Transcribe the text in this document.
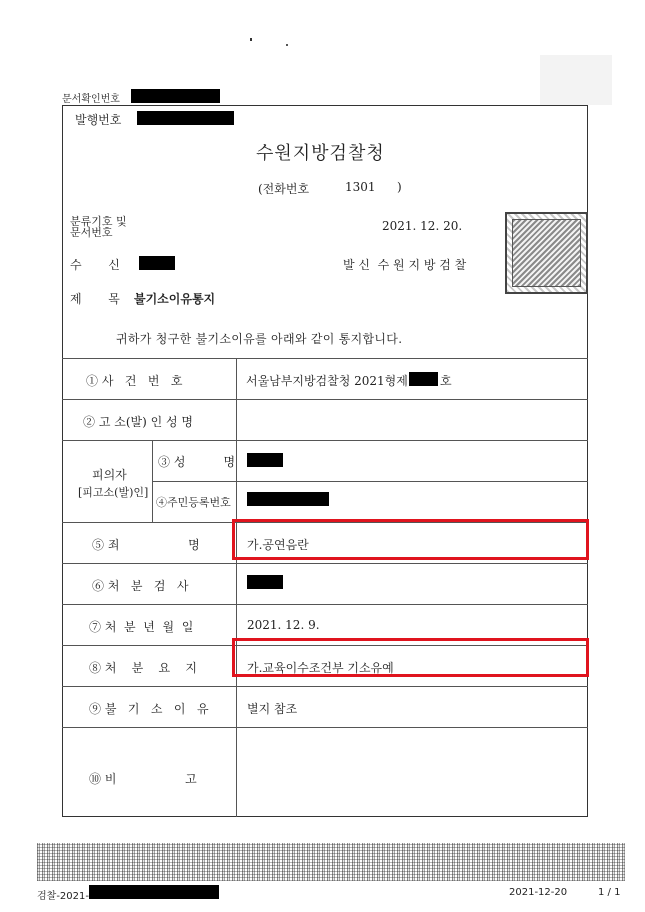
문서확인번호
발행번호
수원지방검찰청
(전화번호	1301 )
분류기호 및
문서번호	2021. 12. 20.
수       신	발 신  수 원 지 방 검 찰
제       목 불기소이유통지
귀하가 청구한 불기소이유를 아래와 같이 통지합니다.
① 사   건   번   호	서울남부지방검찰청 2021형제	호
② 고 소(발) 인 성 명
피의자
[피고소(발)인]
③ 성          명
④주민등록번호
⑤ 죄                  명	가.공연음란
⑥ 처   분   검   사
⑦ 처  분  년  월  일	2021. 12. 9.
⑧ 처    분    요    지	가.교육이수조건부 기소유예
⑨ 불   기   소   이   유	별지 참조
⑩ 비                  고
검찰-2021-	2021-12-20	1 / 1
